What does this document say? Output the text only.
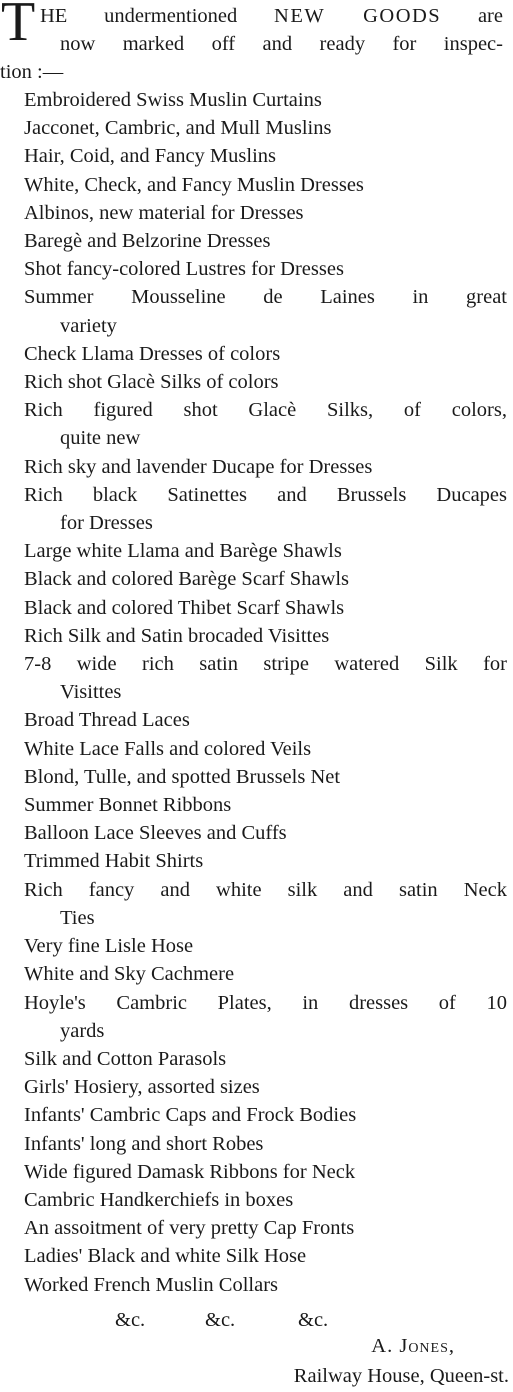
T HE undermentioned NEW GOODS are
now marked off and ready for inspec-
tion :—
Embroidered Swiss Muslin Curtains
Jacconet, Cambric, and Mull Muslins
Hair, Coid, and Fancy Muslins
White, Check, and Fancy Muslin Dresses
Albinos, new material for Dresses
Baregè and Belzorine Dresses
Shot fancy-colored Lustres for Dresses
Summer Mousseline de Laines in great
variety
Check Llama Dresses of colors
Rich shot Glacè Silks of colors
Rich figured shot Glacè Silks, of colors,
quite new
Rich sky and lavender Ducape for Dresses
Rich black Satinettes and Brussels Ducapes
for Dresses
Large white Llama and Barège Shawls
Black and colored Barège Scarf Shawls
Black and colored Thibet Scarf Shawls
Rich Silk and Satin brocaded Visittes
7-8 wide rich satin stripe watered Silk for
Visittes
Broad Thread Laces
White Lace Falls and colored Veils
Blond, Tulle, and spotted Brussels Net
Summer Bonnet Ribbons
Balloon Lace Sleeves and Cuffs
Trimmed Habit Shirts
Rich fancy and white silk and satin Neck
Ties
Very fine Lisle Hose
White and Sky Cachmere
Hoyle's Cambric Plates, in dresses of 10
yards
Silk and Cotton Parasols
Girls' Hosiery, assorted sizes
Infants' Cambric Caps and Frock Bodies
Infants' long and short Robes
Wide figured Damask Ribbons for Neck
Cambric Handkerchiefs in boxes
An assoitment of very pretty Cap Fronts
Ladies' Black and white Silk Hose
Worked French Muslin Collars
&c.	&c.	&c.
A. Jones,
Railway House, Queen-st.
